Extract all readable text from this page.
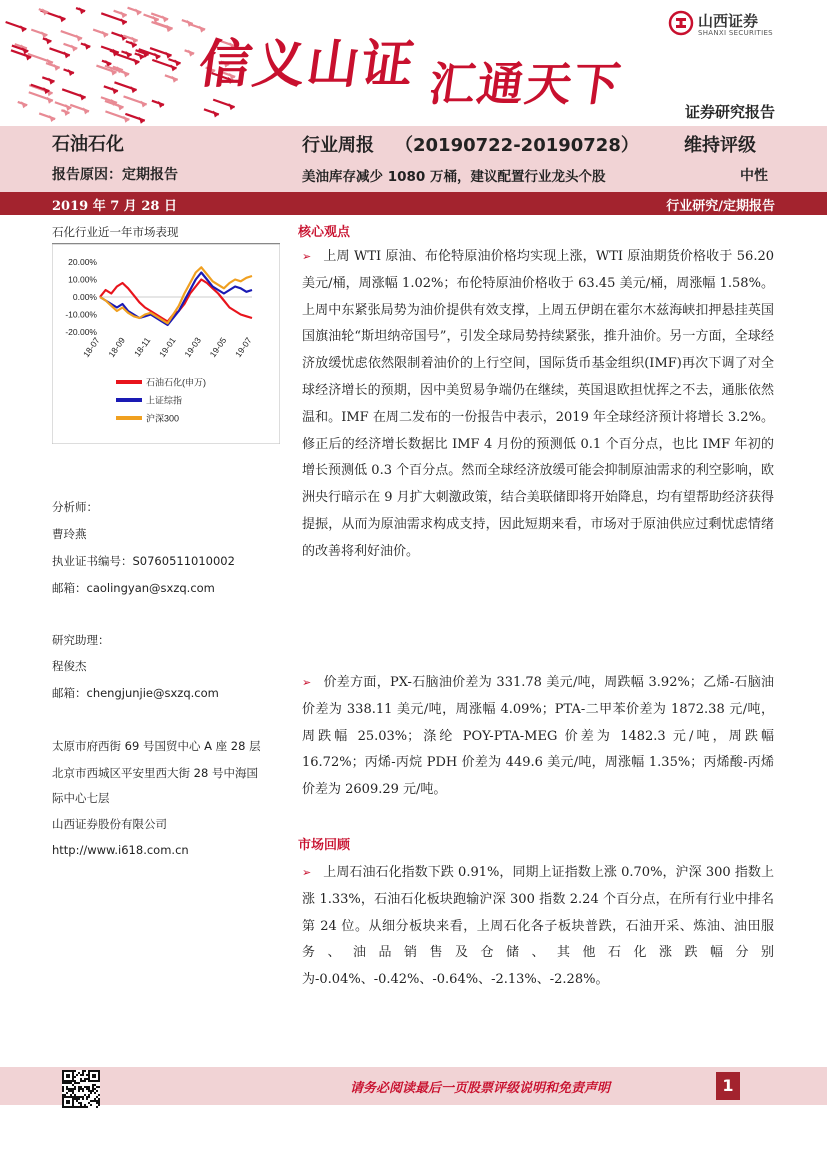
信义山证 汇通天下
山西证券
SHANXI SECURITIES
证券研究报告
石油石化	行业周报 （20190722-20190728）	维持评级
报告原因：定期报告	美油库存减少 1080 万桶，建议配置行业龙头个股	中性
2019 年 7 月 28 日	行业研究/定期报告
石化行业近一年市场表现
20.00%
10.00%
0.00%
-10.00%
-20.00%
18-07 18-09 18-11 19-01 19-03 19-05 19-07
石油石化(申万)
上证综指
沪深300
分析师：
曹玲燕
执业证书编号：S0760511010002
邮箱：caolingyan@sxzq.com
研究助理：
程俊杰
邮箱：chengjunjie@sxzq.com
太原市府西街 69 号国贸中心 A 座 28 层
北京市西城区平安里西大街 28 号中海国
际中心七层
山西证券股份有限公司
http://www.i618.com.cn
核心观点
➢ 上周 WTI 原油、布伦特原油价格均实现上涨，WTI 原油期货价格收于 56.20 美元/桶，周涨幅 1.02%；布伦特原油价格收于 63.45 美元/桶，周涨幅 1.58%。上周中东紧张局势为油价提供有效支撑，上周五伊朗在霍尔木兹海峡扣押悬挂英国国旗油轮“斯坦纳帝国号”，引发全球局势持续紧张，推升油价。另一方面，全球经济放缓忧虑依然限制着油价的上行空间，国际货币基金组织(IMF)再次下调了对全球经济增长的预期，因中美贸易争端仍在继续，英国退欧担忧挥之不去，通胀依然温和。IMF 在周二发布的一份报告中表示，2019 年全球经济预计将增长 3.2%。修正后的经济增长数据比 IMF 4 月份的预测低 0.1 个百分点，也比 IMF 年初的增长预测低 0.3 个百分点。然而全球经济放缓可能会抑制原油需求的利空影响，欧洲央行暗示在 9 月扩大刺激政策，结合美联储即将开始降息，均有望帮助经济获得提振，从而为原油需求构成支持，因此短期来看，市场对于原油供应过剩忧虑情绪的改善将利好油价。
➢ 价差方面，PX-石脑油价差为 331.78 美元/吨，周跌幅 3.92%；乙烯-石脑油价差为 338.11 美元/吨，周涨幅 4.09%；PTA-二甲苯价差为 1872.38 元/吨，周跌幅 25.03%；涤纶 POY-PTA-MEG 价差为 1482.3 元/吨，周跌幅 16.72%；丙烯-丙烷 PDH 价差为 449.6 美元/吨，周涨幅 1.35%；丙烯酸-丙烯价差为 2609.29 元/吨。
市场回顾
➢ 上周石油石化指数下跌 0.91%，同期上证指数上涨 0.70%，沪深 300 指数上涨 1.33%，石油石化板块跑输沪深 300 指数 2.24 个百分点，在所有行业中排名第 24 位。从细分板块来看，上周石化各子板块普跌，石油开采、炼油、油田服务、油品销售及仓储、其他石化涨跌幅分别为-0.04%、-0.42%、-0.64%、-2.13%、-2.28%。
请务必阅读最后一页股票评级说明和免责声明	1
